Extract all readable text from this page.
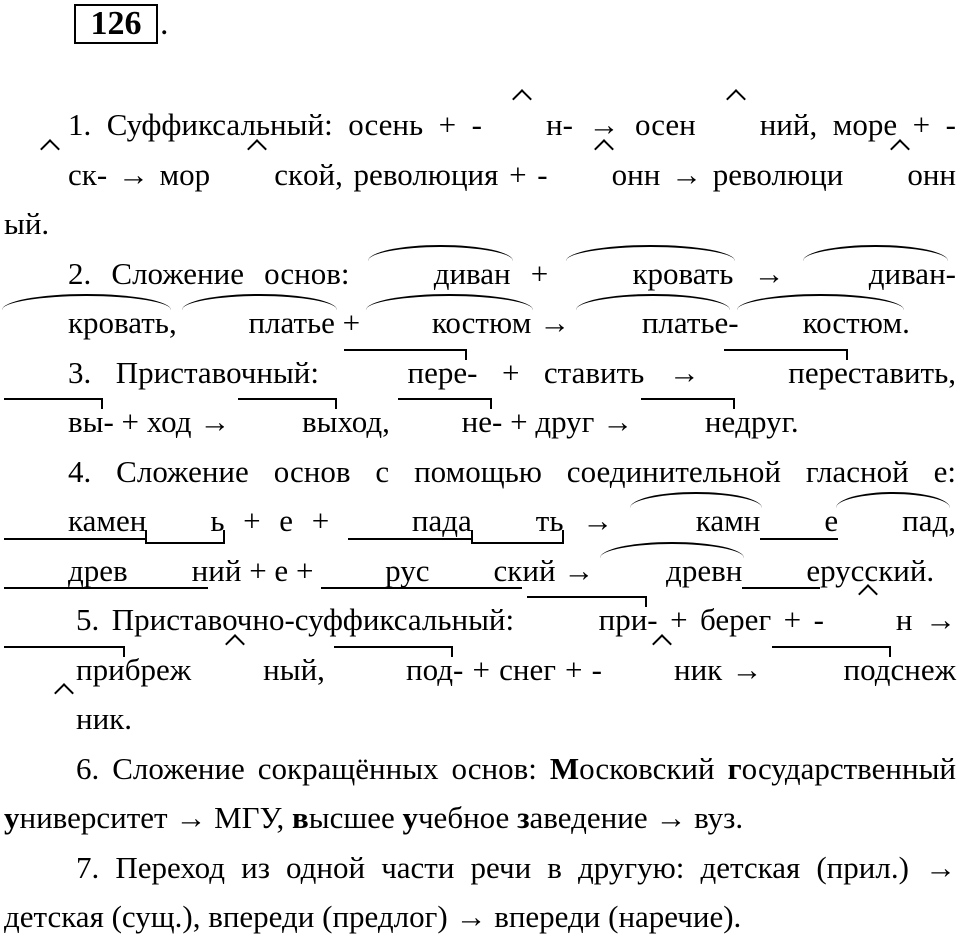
126 .

1. Суффиксальный: осень + - н- → осен ний, море + - ск- → мор ской, революция + - онн → революци онный.

2. Сложение основ: диван + кровать → диван-кровать, платье + костюм → платье- костюм.

3. Приставочный: пере- + ставить → переставить, вы- + ход → выход, не- + друг → недруг.

4. Сложение основ с помощью соединительной гласной е: камен ь + е + пада ть → камн е пад, древ ний + е + рус ский → древн ерусский.

5. Приставочно-суффиксальный: при- + берег + - н → прибреж ный, под- + снег + - ник → подснежник.

6. Сложение сокращённых основ: Московский государственный университет → МГУ, высшее учебное заведение → вуз.

7. Переход из одной части речи в другую: детская (прил.) → детская (сущ.), впереди (предлог) → впереди (наречие).
